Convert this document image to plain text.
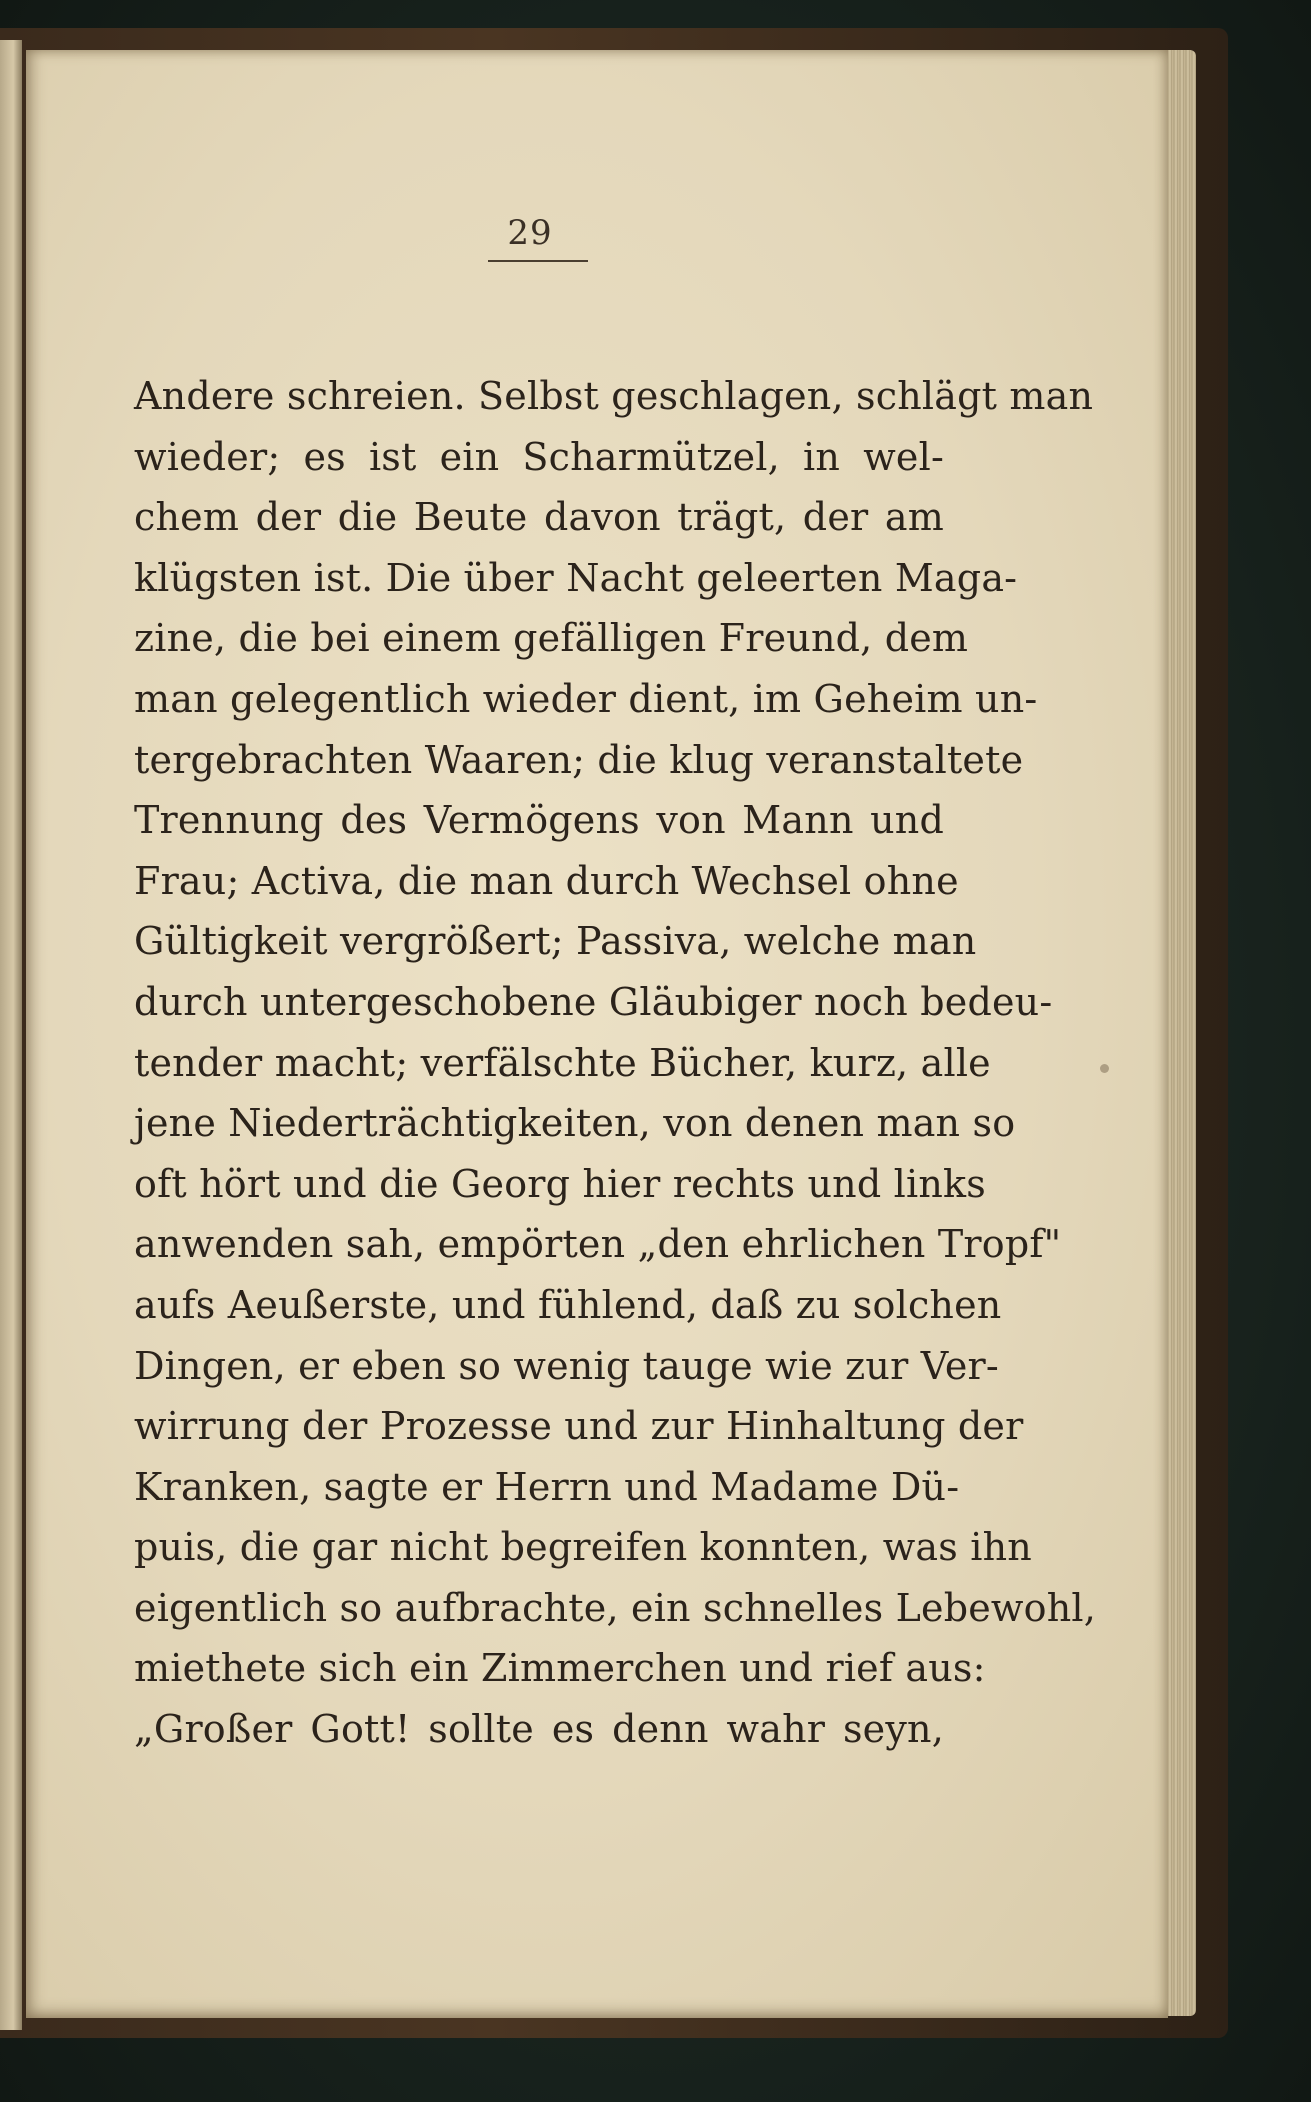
29
Andere schreien. Selbst geschlagen, schlägt man
wieder; es ist ein Scharmützel, in wel-
chem der die Beute davon trägt, der am
klügsten ist. Die über Nacht geleerten Maga-
zine, die bei einem gefälligen Freund, dem
man gelegentlich wieder dient, im Geheim un-
tergebrachten Waaren; die klug veranstaltete
Trennung des Vermögens von Mann und
Frau; Activa, die man durch Wechsel ohne
Gültigkeit vergrößert; Passiva, welche man
durch untergeschobene Gläubiger noch bedeu-
tender macht; verfälschte Bücher, kurz, alle
jene Niederträchtigkeiten, von denen man so
oft hört und die Georg hier rechts und links
anwenden sah, empörten „den ehrlichen Tropf"
aufs Aeußerste, und fühlend, daß zu solchen
Dingen, er eben so wenig tauge wie zur Ver-
wirrung der Prozesse und zur Hinhaltung der
Kranken, sagte er Herrn und Madame Dü-
puis, die gar nicht begreifen konnten, was ihn
eigentlich so aufbrachte, ein schnelles Lebewohl,
miethete sich ein Zimmerchen und rief aus:
„Großer Gott! sollte es denn wahr seyn,
